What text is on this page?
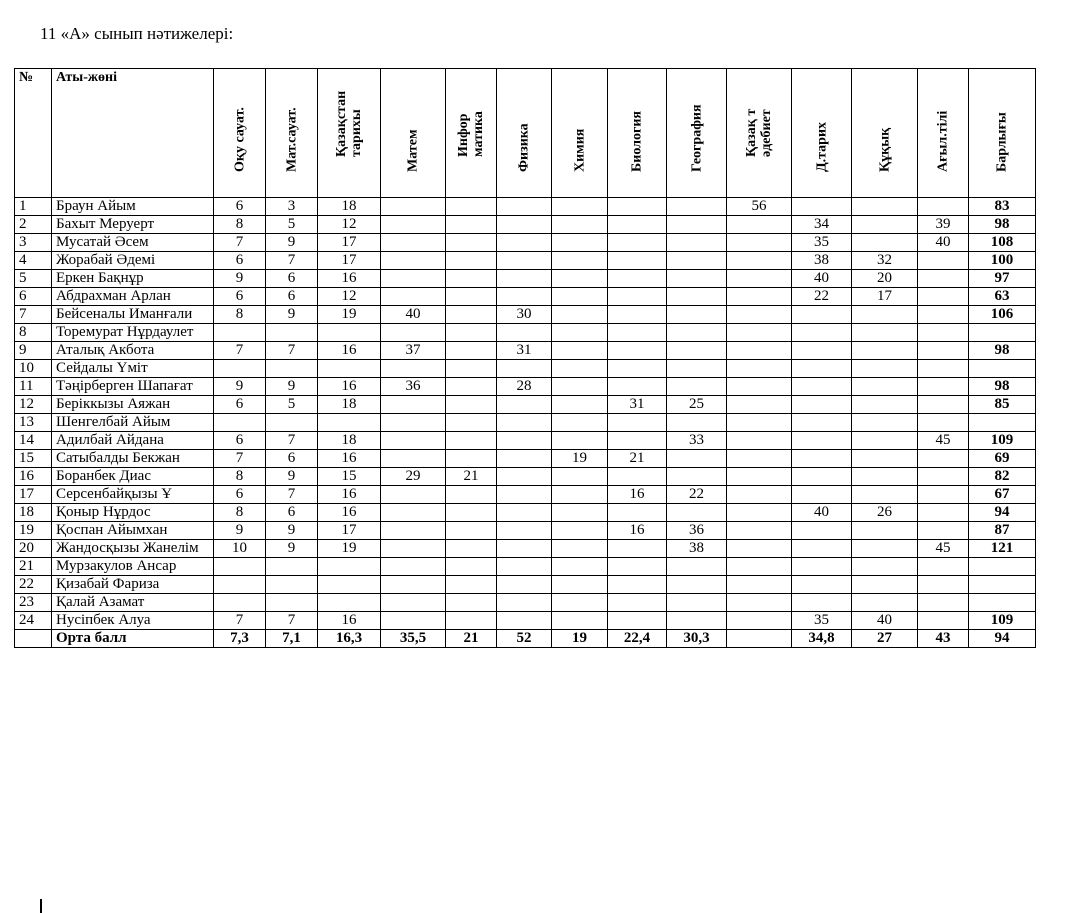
11 «А» сынып нәтижелері:
№	Аты-жөні	Оқу сауат.	Мат.сауат.	Қазақстан тарихы	Матем	Инфор матика	Физика	Химия	Биология	География	Қазақ т әдебиет	Д.тарих	Құқық	Ағыл.тілі	Барлығы

1	Браун Айым	6	3	18							56				83
2	Бахыт Меруерт	8	5	12								34		39	98
3	Мусатай Әсем	7	9	17								35		40	108
4	Жорабай Әдемі	6	7	17								38	32		100
5	Еркен Бақнұр	9	6	16								40	20		97
6	Абдрахман Арлан	6	6	12								22	17		63
7	Бейсеналы Иманғали	8	9	19	40		30								106
8	Торемурат Нұрдаулет														
9	Аталық Акбота	7	7	16	37		31								98
10	Сейдалы Үміт														
11	Тәңірберген Шапағат	9	9	16	36		28								98
12	Беріккызы Аяжан	6	5	18					31	25					85
13	Шенгелбай Айым														
14	Адилбай Айдана	6	7	18						33				45	109
15	Сатыбалды Бекжан	7	6	16				19	21						69
16	Боранбек Диас	8	9	15	29	21									82
17	Серсенбайқызы Ұ	6	7	16					16	22					67
18	Қоныр Нұрдос	8	6	16								40	26		94
19	Қоспан Айымхан	9	9	17					16	36					87
20	Жандосқызы Жанелім	10	9	19						38				45	121
21	Мурзакулов Ансар														
22	Қизабай Фариза														
23	Қалай Азамат														
24	Нусіпбек Алуа	7	7	16								35	40		109
	Орта балл	7,3	7,1	16,3	35,5	21	52	19	22,4	30,3		34,8	27	43	94
